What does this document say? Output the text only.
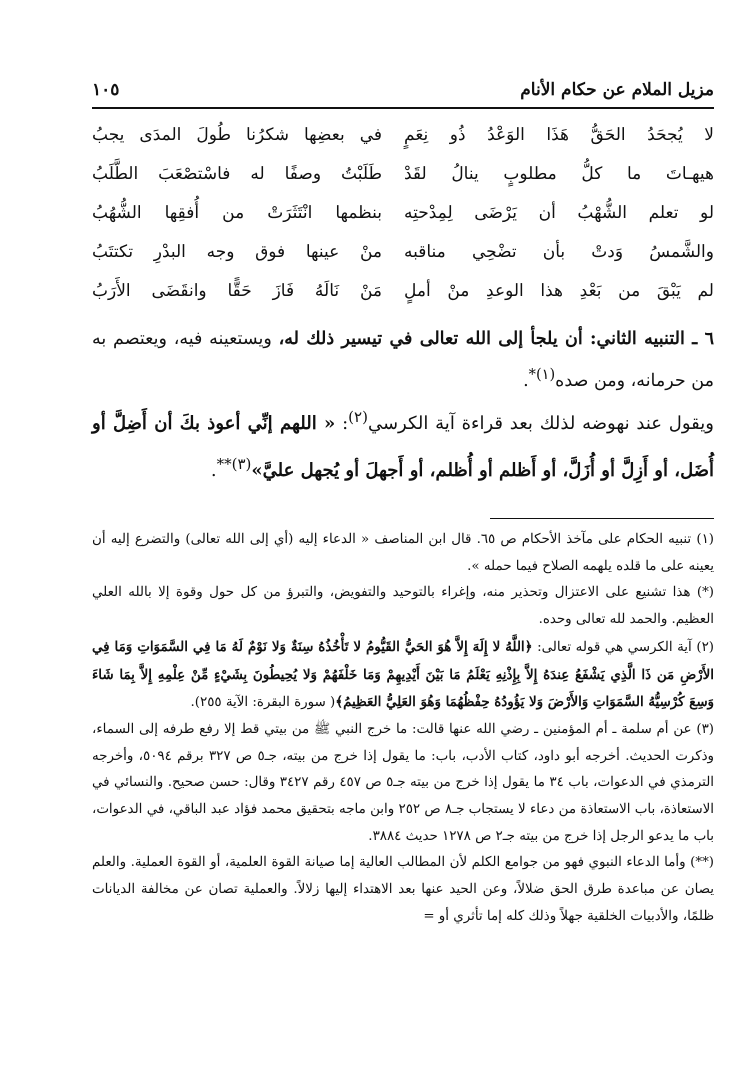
مزيل الملام عن حكام الأنام
١٠٥
لا يُجحَدُ الحَقُّ هَذَا الوَعْدُ ذُو نِعَمٍ
في بعضِها شكرُنا طُولَ المدَى يجبُ
هيهـاتَ ما كلُّ مطلوبٍ ينالُ لقَدْ
طَلَبْتُ وصفًا له فاسْتصْعَبَ الطَّلَبُ
لو تعلم الشُّهْبُ أن يَرْضَى لِمِدْحتِه
بنظمها انْتَثَرَتْ من أُفقِها الشُّهُبُ
والشَّمسُ وَدتْ بأن تضْحِي مناقبه
منْ عينها فوق وجه البدْرِ تكتتَبُ
لم يَبْقَ من بَعْدِ هذا الوعدِ منْ أملٍ
مَنْ نَالَهُ فَازَ حَقًّا وانقَضَى الأَرَبُ
٦ ـ التنبيه الثاني: أن يلجأ إلى الله تعالى في تيسير ذلك له، ويستعينه فيه، ويعتصم به من حرمانه، ومن صده$^{(١)*}$.
ويقول عند نهوضه لذلك بعد قراءة آية الكرسي$^{(٢)}$: « اللهم إنِّي أعوذ بكَ أن أَضِلَّ أو أُضَل، أو أَزِلَّ أو أُزَلَّ، أو أَظلم أو أُظلم، أو أَجهلَ أو يُجهل عليَّ»$^{(٣)**}$.
(١) تنبيه الحكام على مآخذ الأحكام ص ٦٥. قال ابن المناصف « الدعاء إليه (أي إلى الله تعالى) والتضرع إليه أن يعينه على ما قلده يلهمه الصلاح فيما حمله ».
(*) هذا تشنيع على الاعتزال وتحذير منه، وإغراء بالتوحيد والتفويض، والتبرؤ من كل حول وقوة إلا بالله العلي العظيم. والحمد لله تعالى وحده.
(٢) آية الكرسي هي قوله تعالى: ﴿اللَّهُ لا إِلَهَ إِلاَّ هُوَ الحَيُّ القَيُّومُ لا تَأْخُذُهُ سِنَةٌ وَلا نَوْمٌ لَهُ مَا فِي السَّمَوَاتِ وَمَا فِي الأَرْضِ مَن ذَا الَّذِي يَشْفَعُ عِندَهُ إِلاَّ بِإِذْنِهِ يَعْلَمُ مَا بَيْنَ أَيْدِيهِمْ وَمَا خَلْفَهُمْ وَلا يُحِيطُونَ بِشَيْءٍ مِّنْ عِلْمِهِ إِلاَّ بِمَا شَاءَ وَسِعَ كُرْسِيُّهُ السَّمَوَاتِ وَالأَرْضَ وَلا يَؤُودُهُ حِفْظُهُمَا وَهُوَ العَلِيُّ العَظِيمُ﴾( سورة البقرة: الآية ٢٥٥).
(٣) عن أم سلمة ـ أم المؤمنين ـ رضي الله عنها قالت: ما خرج النبي ﷺ من بيتي قط إلا رفع طرفه إلى السماء، وذكرت الحديث. أخرجه أبو داود، كتاب الأدب، باب: ما يقول إذا خرج من بيته، جـ٥ ص ٣٢٧ برقم ٥٠٩٤، وأخرجه الترمذي في الدعوات، باب ٣٤ ما يقول إذا خرج من بيته جـ٥ ص ٤٥٧ رقم ٣٤٢٧ وقال: حسن صحيح. والنسائي في الاستعاذة، باب الاستعاذة من دعاء لا يستجاب جـ٨ ص ٢٥٢ وابن ماجه بتحقيق محمد فؤاد عبد الباقي، في الدعوات، باب ما يدعو الرجل إذا خرج من بيته جـ٢ ص ١٢٧٨ حديث ٣٨٨٤.
(**) وأما الدعاء النبوي فهو من جوامع الكلم لأن المطالب العالية إما صيانة القوة العلمية، أو القوة العملية. والعلم يصان عن مباعدة طرق الحق ضلالاً، وعن الحيد عنها بعد الاهتداء إليها زلالاً. والعملية تصان عن مخالفة الديانات ظلمًا، والأدبيات الخلقية جهلاً وذلك كله إما تأثري أو =
